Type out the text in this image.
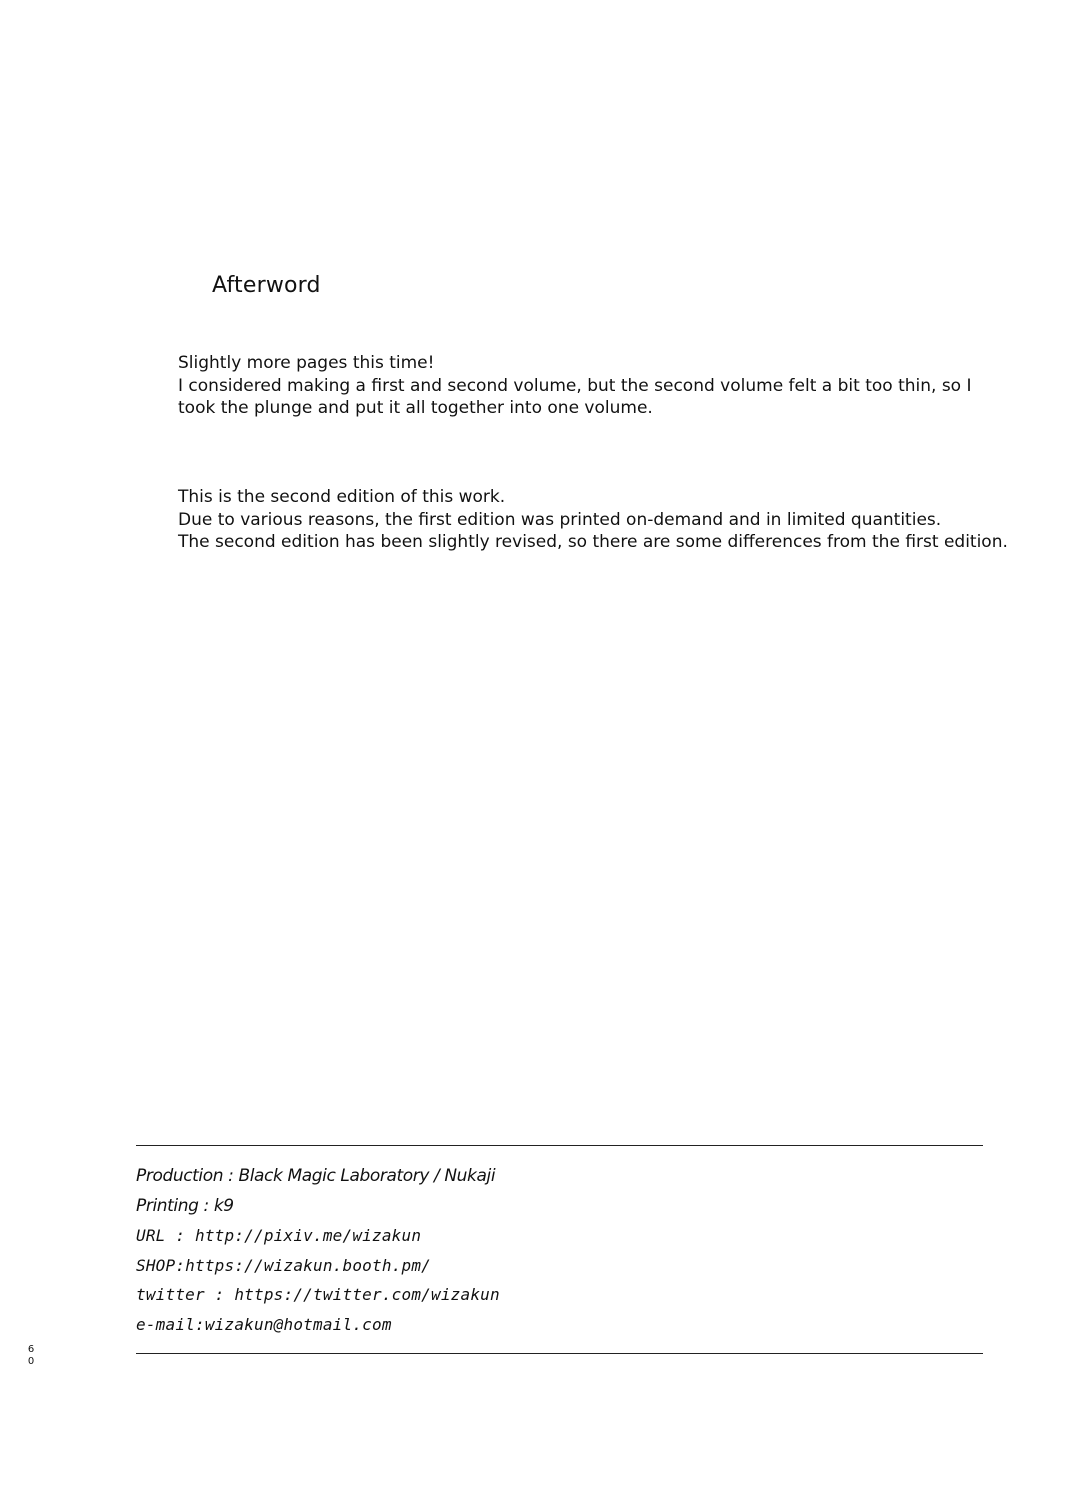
Afterword
Slightly more pages this time!
I considered making a first and second volume, but the second volume felt a bit too thin, so I
took the plunge and put it all together into one volume.
This is the second edition of this work.
Due to various reasons, the first edition was printed on-demand and in limited quantities.
The second edition has been slightly revised, so there are some differences from the first edition.
Production : Black Magic Laboratory / Nukaji
Printing : k9
URL : http://pixiv.me/wizakun
SHOP:https://wizakun.booth.pm/
twitter : https://twitter.com/wizakun
e-mail:wizakun@hotmail.com
6
0
